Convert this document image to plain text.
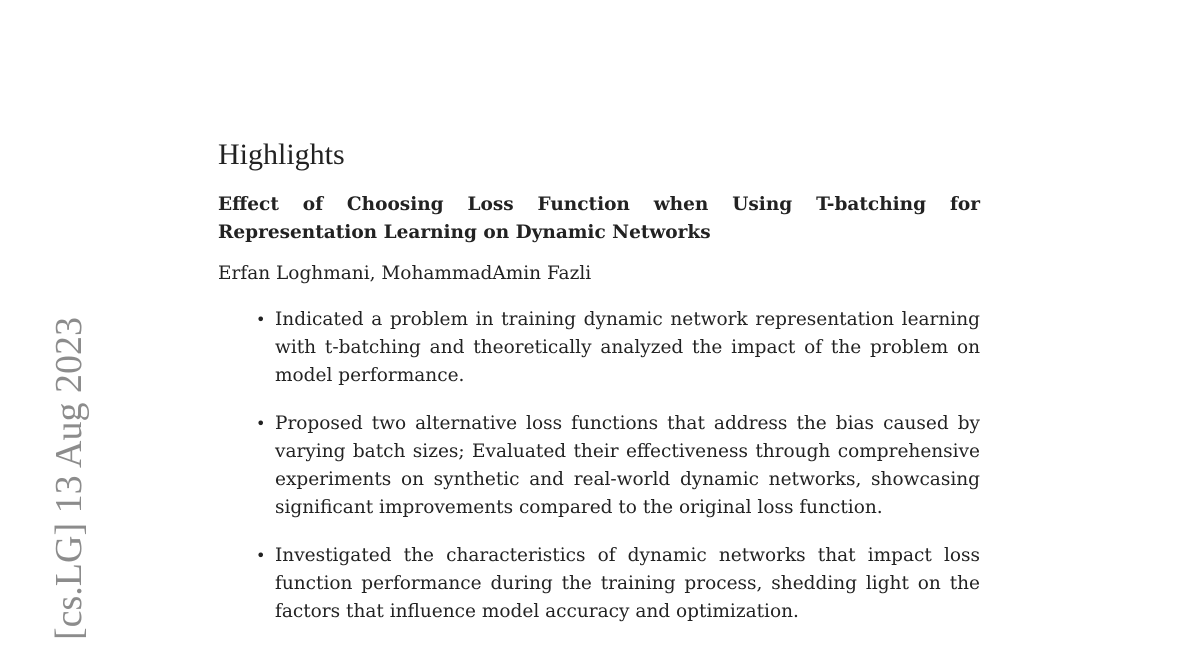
[cs.LG] 13 Aug 2023
Highlights
Effect of Choosing Loss Function when Using T-batching for Representation Learning on Dynamic Networks
Erfan Loghmani, MohammadAmin Fazli
• Indicated a problem in training dynamic network representation learning with t-batching and theoretically analyzed the impact of the problem on model performance.
• Proposed two alternative loss functions that address the bias caused by varying batch sizes; Evaluated their effectiveness through comprehensive experiments on synthetic and real-world dynamic networks, showcasing significant improvements compared to the original loss function.
• Investigated the characteristics of dynamic networks that impact loss function performance during the training process, shedding light on the factors that influence model accuracy and optimization.
